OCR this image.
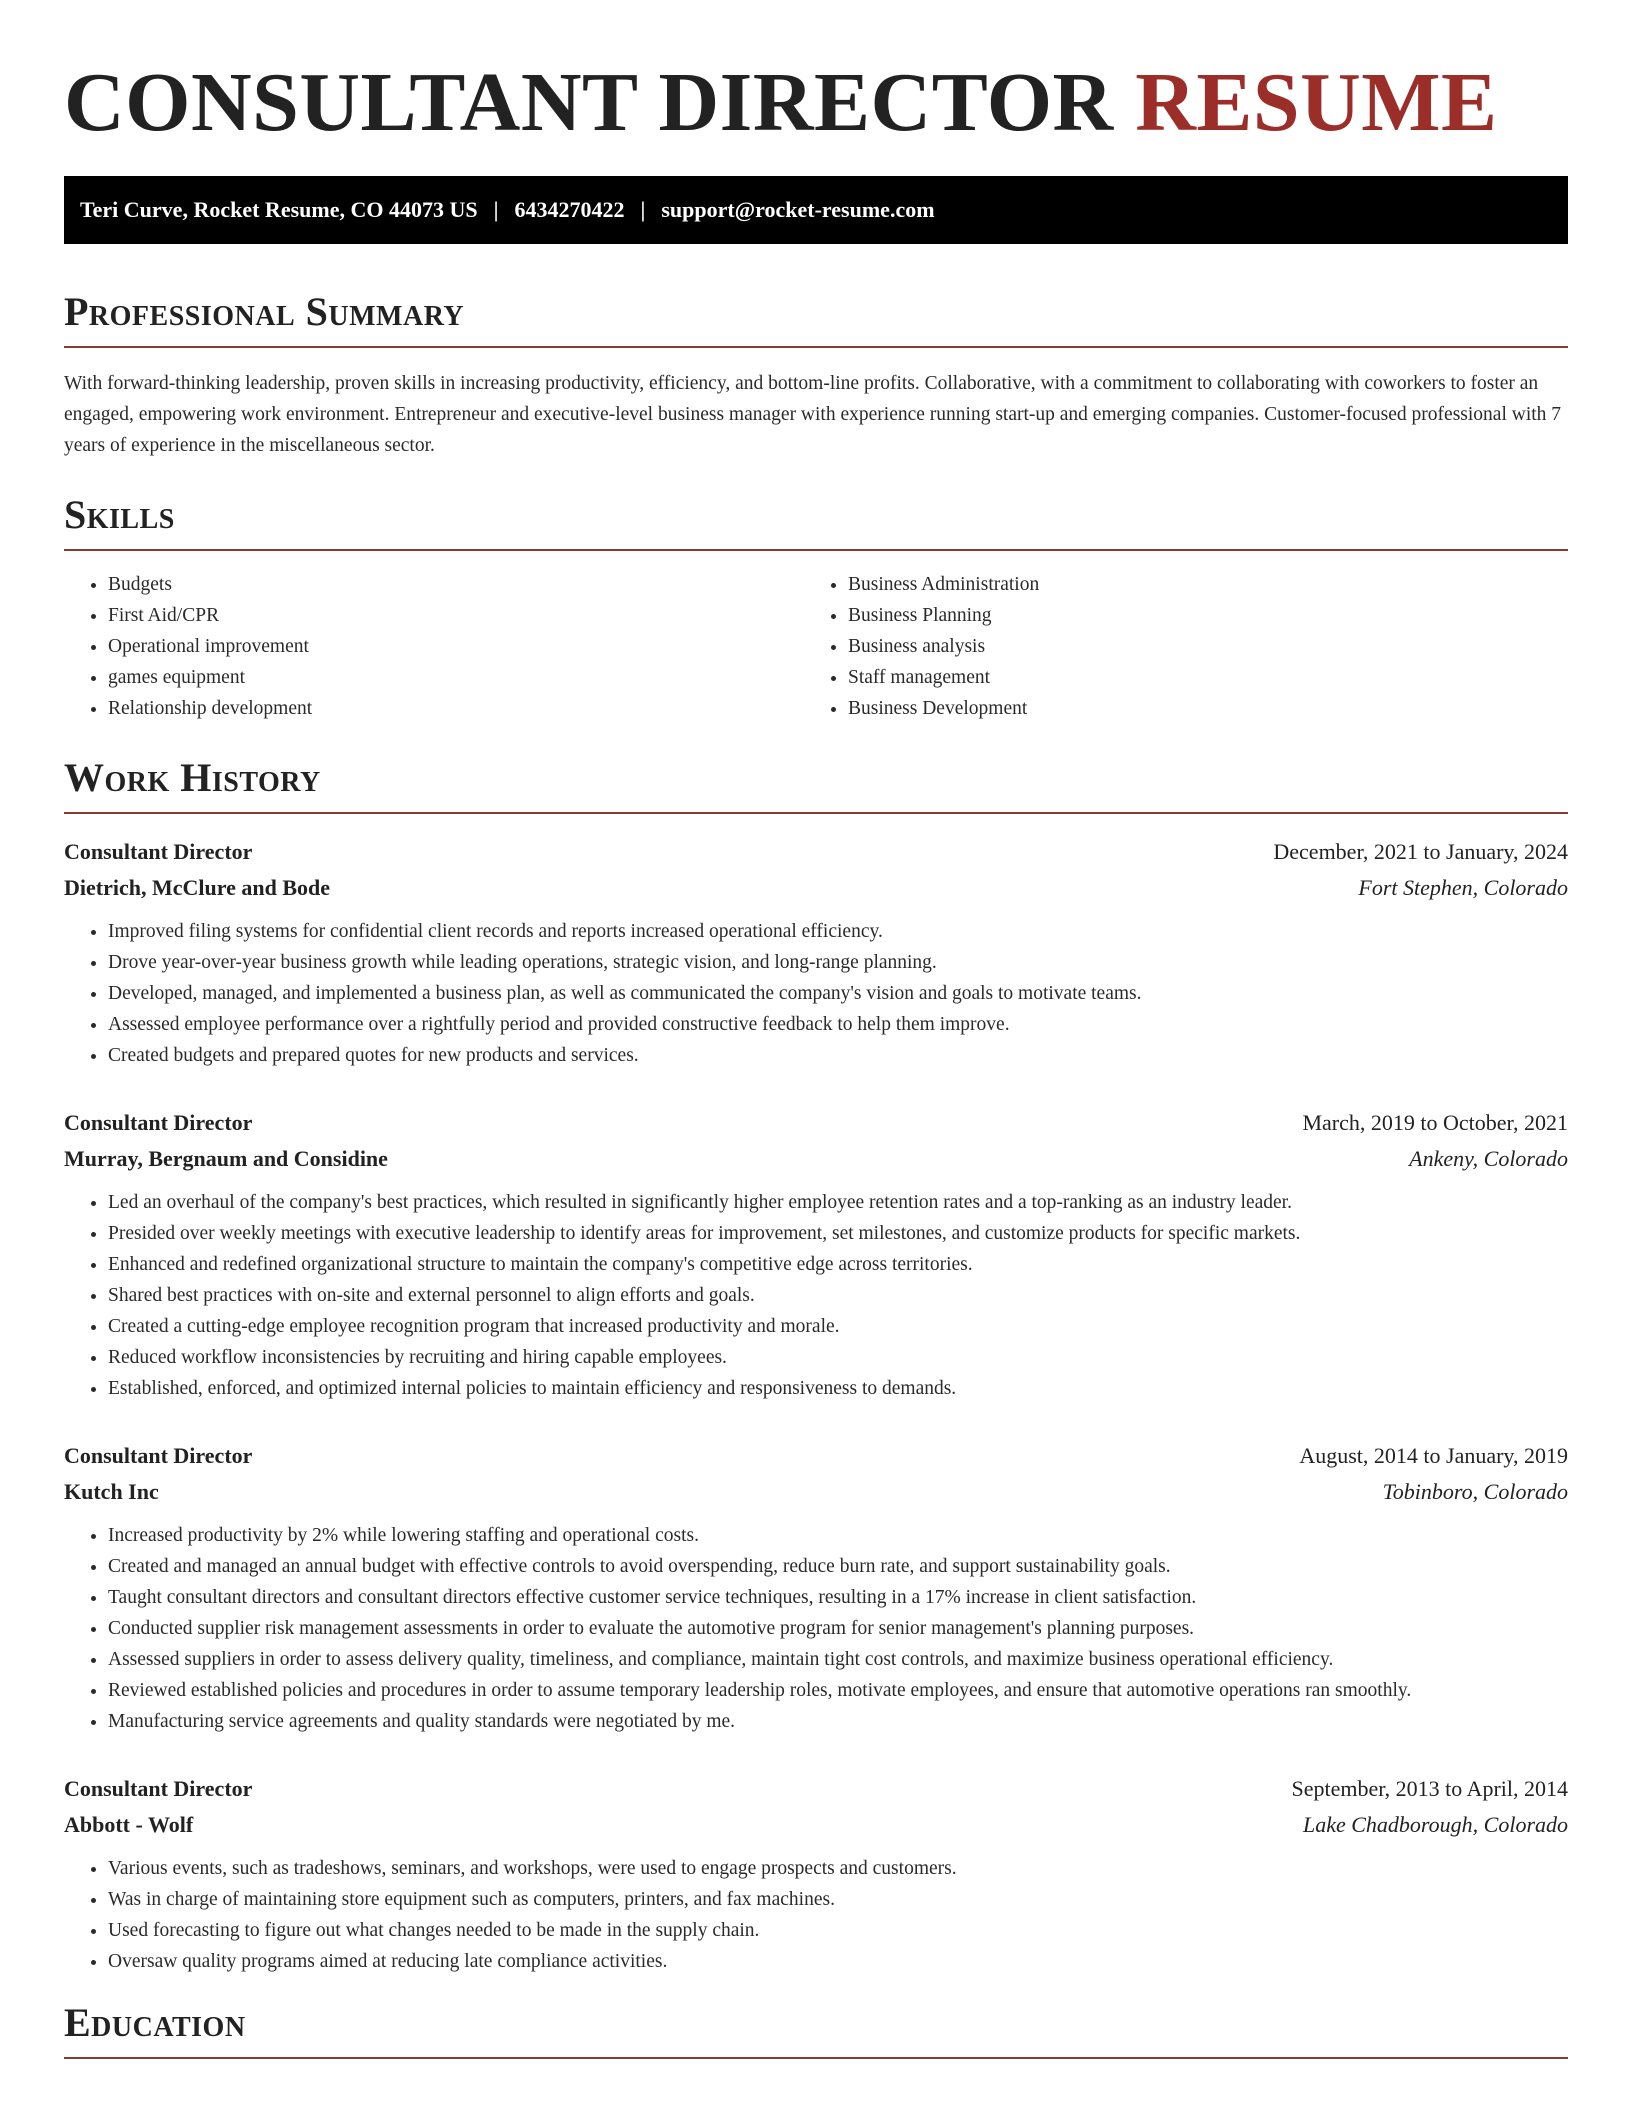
CONSULTANT DIRECTOR RESUME
Teri Curve, Rocket Resume, CO 44073 US | 6434270422 | support@rocket-resume.com
Professional Summary

With forward-thinking leadership, proven skills in increasing productivity, efficiency, and bottom-line profits. Collaborative, with a commitment to collaborating with coworkers to foster an engaged, empowering work environment. Entrepreneur and executive-level business manager with experience running start-up and emerging companies. Customer-focused professional with 7 years of experience in the miscellaneous sector.

Skills
• Budgets
• First Aid/CPR
• Operational improvement
• games equipment
• Relationship development
• Business Administration
• Business Planning
• Business analysis
• Staff management
• Business Development
Work History
Consultant Director	December, 2021 to January, 2024
Dietrich, McClure and Bode	Fort Stephen, Colorado
• Improved filing systems for confidential client records and reports increased operational efficiency.
• Drove year-over-year business growth while leading operations, strategic vision, and long-range planning.
• Developed, managed, and implemented a business plan, as well as communicated the company's vision and goals to motivate teams.
• Assessed employee performance over a rightfully period and provided constructive feedback to help them improve.
• Created budgets and prepared quotes for new products and services.
Consultant Director	March, 2019 to October, 2021
Murray, Bergnaum and Considine	Ankeny, Colorado
• Led an overhaul of the company's best practices, which resulted in significantly higher employee retention rates and a top-ranking as an industry leader.
• Presided over weekly meetings with executive leadership to identify areas for improvement, set milestones, and customize products for specific markets.
• Enhanced and redefined organizational structure to maintain the company's competitive edge across territories.
• Shared best practices with on-site and external personnel to align efforts and goals.
• Created a cutting-edge employee recognition program that increased productivity and morale.
• Reduced workflow inconsistencies by recruiting and hiring capable employees.
• Established, enforced, and optimized internal policies to maintain efficiency and responsiveness to demands.
Consultant Director	August, 2014 to January, 2019
Kutch Inc	Tobinboro, Colorado
• Increased productivity by 2% while lowering staffing and operational costs.
• Created and managed an annual budget with effective controls to avoid overspending, reduce burn rate, and support sustainability goals.
• Taught consultant directors and consultant directors effective customer service techniques, resulting in a 17% increase in client satisfaction.
• Conducted supplier risk management assessments in order to evaluate the automotive program for senior management's planning purposes.
• Assessed suppliers in order to assess delivery quality, timeliness, and compliance, maintain tight cost controls, and maximize business operational efficiency.
• Reviewed established policies and procedures in order to assume temporary leadership roles, motivate employees, and ensure that automotive operations ran smoothly.
• Manufacturing service agreements and quality standards were negotiated by me.
Consultant Director	September, 2013 to April, 2014
Abbott - Wolf	Lake Chadborough, Colorado
• Various events, such as tradeshows, seminars, and workshops, were used to engage prospects and customers.
• Was in charge of maintaining store equipment such as computers, printers, and fax machines.
• Used forecasting to figure out what changes needed to be made in the supply chain.
• Oversaw quality programs aimed at reducing late compliance activities.
Education
